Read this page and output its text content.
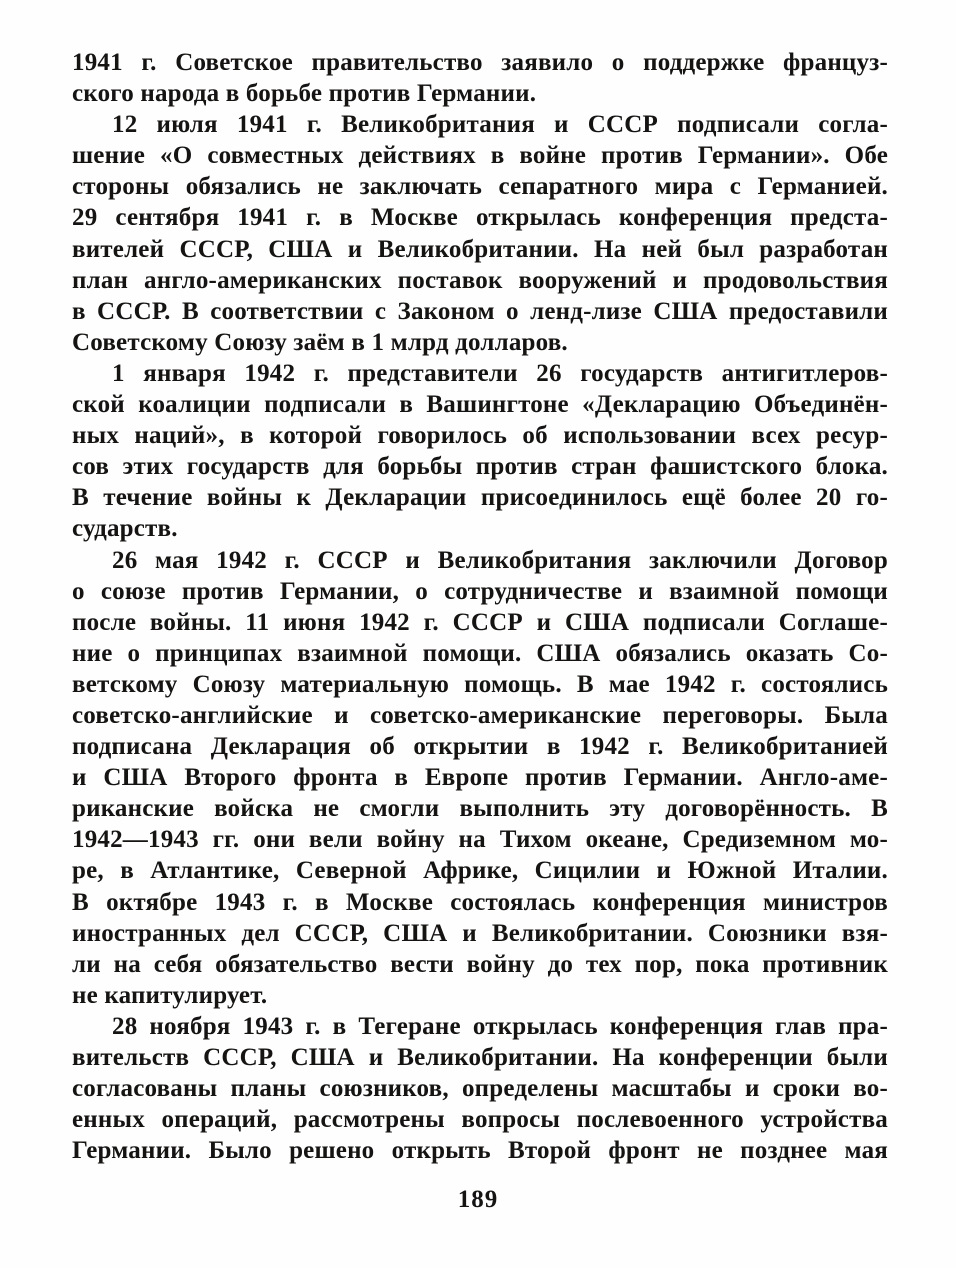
1941 г. Советское правительство заявило о поддержке француз-
ского народа в борьбе против Германии.
12 июля 1941 г. Великобритания и СССР подписали согла-
шение «О совместных действиях в войне против Германии». Обе
стороны обязались не заключать сепаратного мира с Германией.
29 сентября 1941 г. в Москве открылась конференция предста-
вителей СССР, США и Великобритании. На ней был разработан
план англо-американских поставок вооружений и продовольствия
в СССР. В соответствии с Законом о ленд-лизе США предоставили
Советскому Союзу заём в 1 млрд долларов.
1 января 1942 г. представители 26 государств антигитлеров-
ской коалиции подписали в Вашингтоне «Декларацию Объединён-
ных наций», в которой говорилось об использовании всех ресур-
сов этих государств для борьбы против стран фашистского блока.
В течение войны к Декларации присоединилось ещё более 20 го-
сударств.
26 мая 1942 г. СССР и Великобритания заключили Договор
о союзе против Германии, о сотрудничестве и взаимной помощи
после войны. 11 июня 1942 г. СССР и США подписали Соглаше-
ние о принципах взаимной помощи. США обязались оказать Со-
ветскому Союзу материальную помощь. В мае 1942 г. состоялись
советско-английские и советско-американские переговоры. Была
подписана Декларация об открытии в 1942 г. Великобританией
и США Второго фронта в Европе против Германии. Англо-аме-
риканские войска не смогли выполнить эту договорённость. В
1942—1943 гг. они вели войну на Тихом океане, Средиземном мо-
ре, в Атлантике, Северной Африке, Сицилии и Южной Италии.
В октябре 1943 г. в Москве состоялась конференция министров
иностранных дел СССР, США и Великобритании. Союзники взя-
ли на себя обязательство вести войну до тех пор, пока противник
не капитулирует.
28 ноября 1943 г. в Тегеране открылась конференция глав пра-
вительств СССР, США и Великобритании. На конференции были
согласованы планы союзников, определены масштабы и сроки во-
енных операций, рассмотрены вопросы послевоенного устройства
Германии. Было решено открыть Второй фронт не позднее мая
189
